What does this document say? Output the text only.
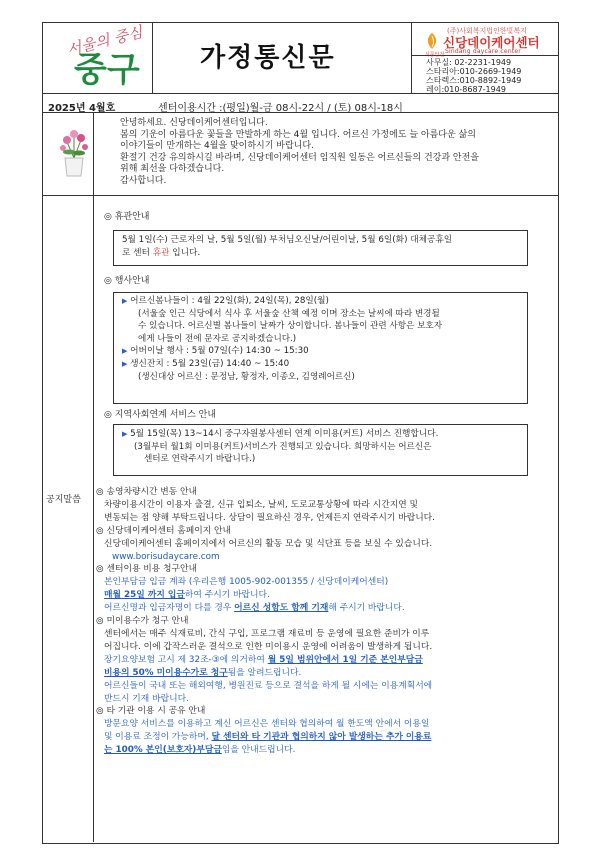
서울의 중심
중구 가정통신문
(주)사회복지법인한빛복지
신당데이케어센터
식품안전 Sindang daycare center
사무실: 02-2231-1949
스타리아:010-2669-1949
스타렉스:010-8892-1949
레이:010-8687-1949
2025년 4월호	센터이용시간 :(평일)월-금 08시-22시 / (토) 08시-18시

안녕하세요. 신당데이케어센터입니다.

봄의 기운이 아름다운 꽃들을 만발하게 하는 4월 입니다. 어르신 가정에도 늘 아름다운 삶의

이야기들이 만개하는 4월을 맞이하시기 바랍니다.

환절기 건강 유의하시길 바라며, 신당데이케어센터 임직원 일동은 어르신들의 건강과 안전을

위해 최선을 다하겠습니다.

감사합니다.

공지말씀
◎ 휴관안내
5월 1일(수) 근로자의 날, 5월 5일(월) 부처님오신날/어린이날, 5월 6일(화) 대체공휴일
로 센터 휴관 입니다.
◎ 행사안내
▶ 어르신봄나들이 : 4월 22일(화), 24일(목), 28일(월)
(서울숲 인근 식당에서 식사 후 서울숲 산책 예정 이며 장소는 날씨에 따라 변경될
수 있습니다. 어르신별 봄나들이 날짜가 상이합니다. 봄나들이 관련 사항은 보호자
에게 나들이 전에 문자로 공지하겠습니다.)
▶ 어버이날 행사 : 5월 07일(수) 14:30 ~ 15:30
▶ 생신잔치 : 5월 23일(금) 14:40 ~ 15:40
(생신대상 어르신 : 문정남, 황정자, 이종오, 김영례어르신)
◎ 지역사회연계 서비스 안내
▶ 5월 15일(목) 13~14시 중구자원봉사센터 연계 이미용(커트) 서비스 진행합니다.
(3월부터 월1회 이미용(커트)서비스가 진행되고 있습니다. 희망하시는 어르신은
센터로 연락주시기 바랍니다.)

◎ 송영차량시간 변동 안내

차량이용시간이 이용자 출결, 신규 입퇴소, 날씨, 도로교통상황에 따라 시간지연 및

변동되는 점 양해 부탁드립니다. 상담이 필요하신 경우, 언제든지 연락주시기 바랍니다.

◎ 신당데이케어센터 홈페이지 안내

신당데이케어센터 홈페이지에서 어르신의 활동 모습 및 식단표 등을 보실 수 있습니다.

www.borisudaycare.com

◎ 센터이용 비용 청구안내

본인부담금 입금 계좌 (우리은행 1005-902-001355 / 신당데이케어센터)

매월 25일 까지 입금하여 주시기 바랍니다.

어르신명과 입금자명이 다를 경우 어르신 성함도 함께 기재해 주시기 바랍니다.

◎ 미이용수가 청구 안내

센터에서는 매주 식재료비, 간식 구입, 프로그램 재료비 등 운영에 필요한 준비가 이루

어집니다. 이에 갑작스러운 결석으로 인한 미이용시 운영에 어려움이 발생하게 됩니다.

장기요양보험 고시 제 32조-③에 의거하여 월 5일 범위안에서 1일 기준 본인부담금

비용의 50% 미이용수가로 청구됨을 알려드립니다.

어르신들이 국내 또는 해외여행, 병원진료 등으로 결석을 하게 될 시에는 이용계획서에

반드시 기재 바랍니다.

◎ 타 기관 이용 시 공유 안내

방문요양 서비스를 이용하고 계신 어르신은 센터와 협의하여 월 한도액 안에서 이용일

및 이용료 조정이 가능하며, 달 센터와 타 기관과 협의하지 않아 발생하는 추가 이용료

는 100% 본인(보호자)부담금임을 안내드립니다.
